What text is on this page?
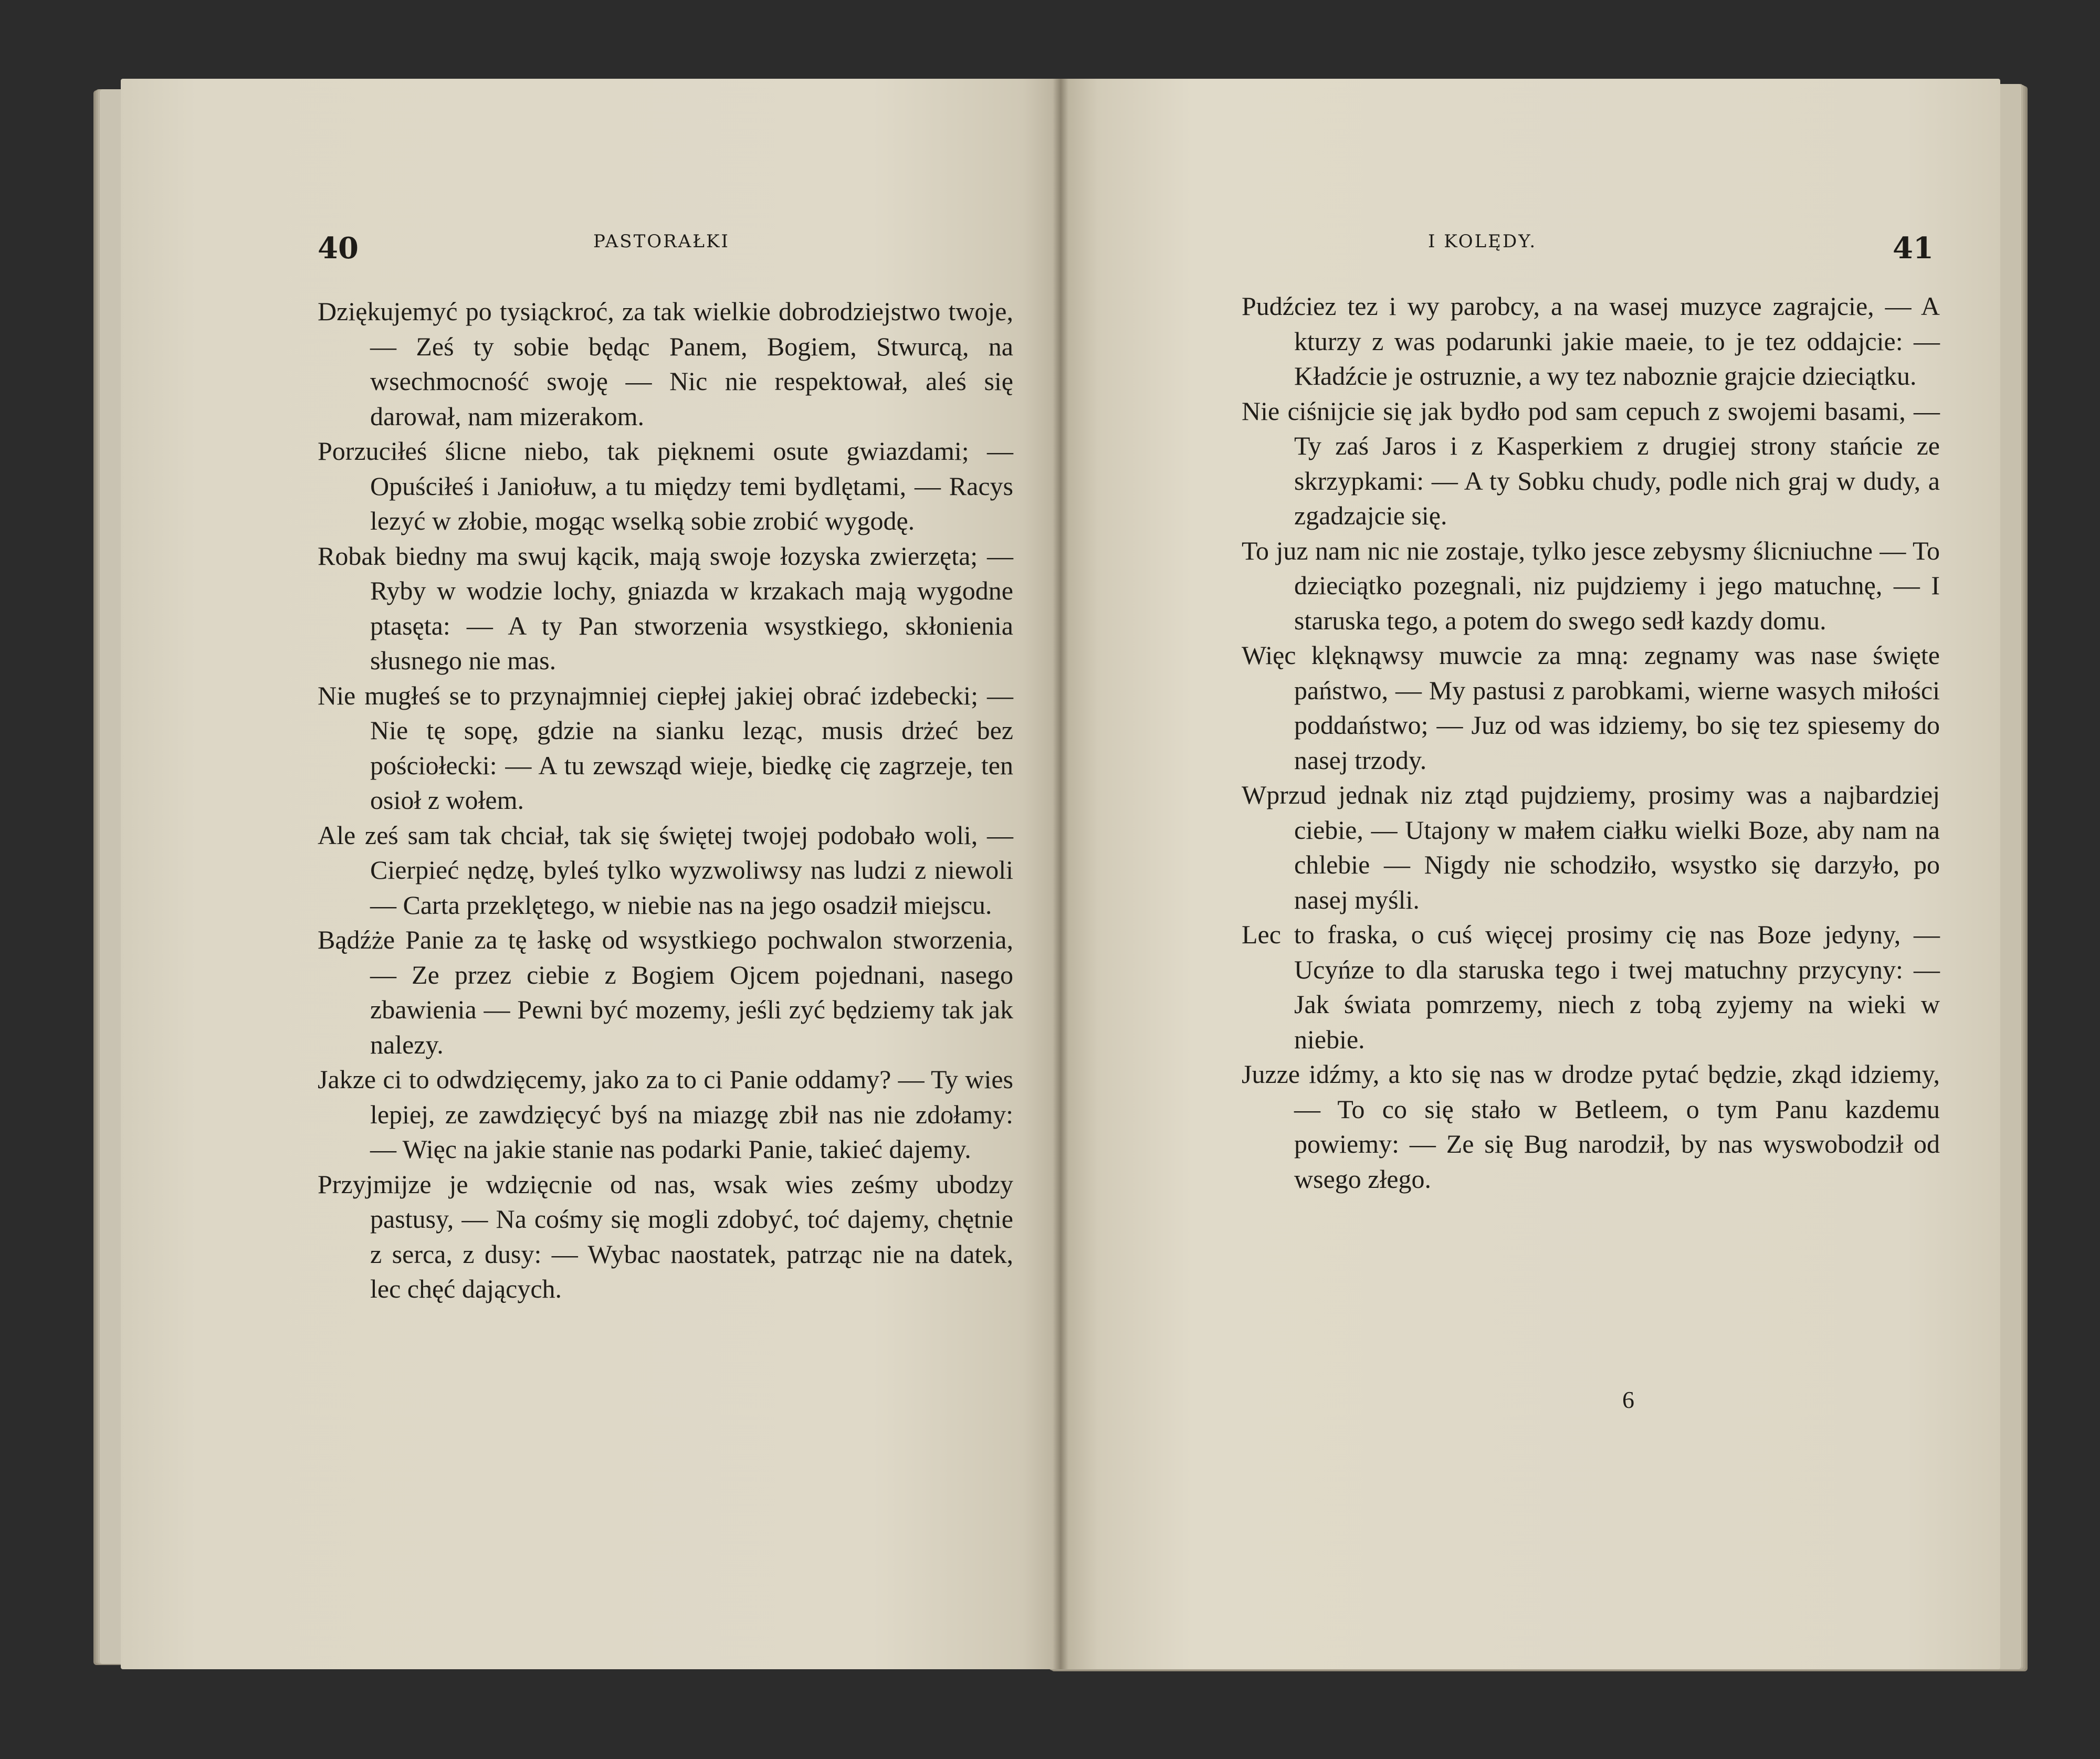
40	PASTORAŁKI

Dziękujemyć po tysiąckroć, za tak wielkie dobrodziejstwo twoje, — Ześ ty sobie będąc Panem, Bogiem, Stwurcą, na wsechmocność swoję — Nic nie respektował, aleś się darował, nam mizerakom.

Porzuciłeś ślicne niebo, tak pięknemi osute gwiazdami; — Opuściłeś i Janiołuw, a tu między temi bydlętami, — Racys lezyć w złobie, mogąc wselką sobie zrobić wygodę.

Robak biedny ma swuj kącik, mają swoje łozyska zwierzęta; — Ryby w wodzie lochy, gniazda w krzakach mają wygodne ptasęta: — A ty Pan stworzenia wsystkiego, skłonienia słusnego nie mas.

Nie mugłeś se to przynajmniej ciepłej jakiej obrać izdebecki; — Nie tę sopę, gdzie na sianku leząc, musis drżeć bez pościołecki: — A tu zewsząd wieje, biedkę cię zagrzeje, ten osioł z wołem.

Ale ześ sam tak chciał, tak się świętej twojej podobało woli, — Cierpieć nędzę, byleś tylko wyzwoliwsy nas ludzi z niewoli — Carta przeklętego, w niebie nas na jego osadził miejscu.

Bądźże Panie za tę łaskę od wsystkiego pochwalon stworzenia, — Ze przez ciebie z Bogiem Ojcem pojednani, nasego zbawienia — Pewni być mozemy, jeśli zyć będziemy tak jak nalezy.

Jakze ci to odwdzięcemy, jako za to ci Panie oddamy? — Ty wies lepiej, ze zawdzięcyć byś na miazgę zbił nas nie zdołamy: — Więc na jakie stanie nas podarki Panie, takieć dajemy.

Przyjmijze je wdzięcnie od nas, wsak wies ześmy ubodzy pastusy, — Na cośmy się mogli zdobyć, toć dajemy, chętnie z serca, z dusy: — Wybac naostatek, patrząc nie na datek, lec chęć dających.

I KOLĘDY.	41

Pudźciez tez i wy parobcy, a na wasej muzyce zagrajcie, — A kturzy z was podarunki jakie maeie, to je tez oddajcie: — Kładźcie je ostruznie, a wy tez naboznie grajcie dzieciątku.

Nie ciśnijcie się jak bydło pod sam cepuch z swojemi basami, — Ty zaś Jaros i z Kasperkiem z drugiej strony stańcie ze skrzypkami: — A ty Sobku chudy, podle nich graj w dudy, a zgadzajcie się.

To juz nam nic nie zostaje, tylko jesce zebysmy ślicniuchne — To dzieciątko pozegnali, niz pujdziemy i jego matuchnę, — I staruska tego, a potem do swego sedł kazdy domu.

Więc klęknąwsy muwcie za mną: zegnamy was nase święte państwo, — My pastusi z parobkami, wierne wasych miłości poddaństwo; — Juz od was idziemy, bo się tez spiesemy do nasej trzody.

Wprzud jednak niz ztąd pujdziemy, prosimy was a najbardziej ciebie, — Utajony w małem ciałku wielki Boze, aby nam na chlebie — Nigdy nie schodziło, wsystko się darzyło, po nasej myśli.

Lec to fraska, o cuś więcej prosimy cię nas Boze jedyny, — Ucyńze to dla staruska tego i twej matuchny przycyny: — Jak świata pomrzemy, niech z tobą zyjemy na wieki w niebie.

Juzze idźmy, a kto się nas w drodze pytać będzie, zkąd idziemy, — To co się stało w Betleem, o tym Panu kazdemu powiemy: — Ze się Bug narodził, by nas wyswobodził od wsego złego.

6
